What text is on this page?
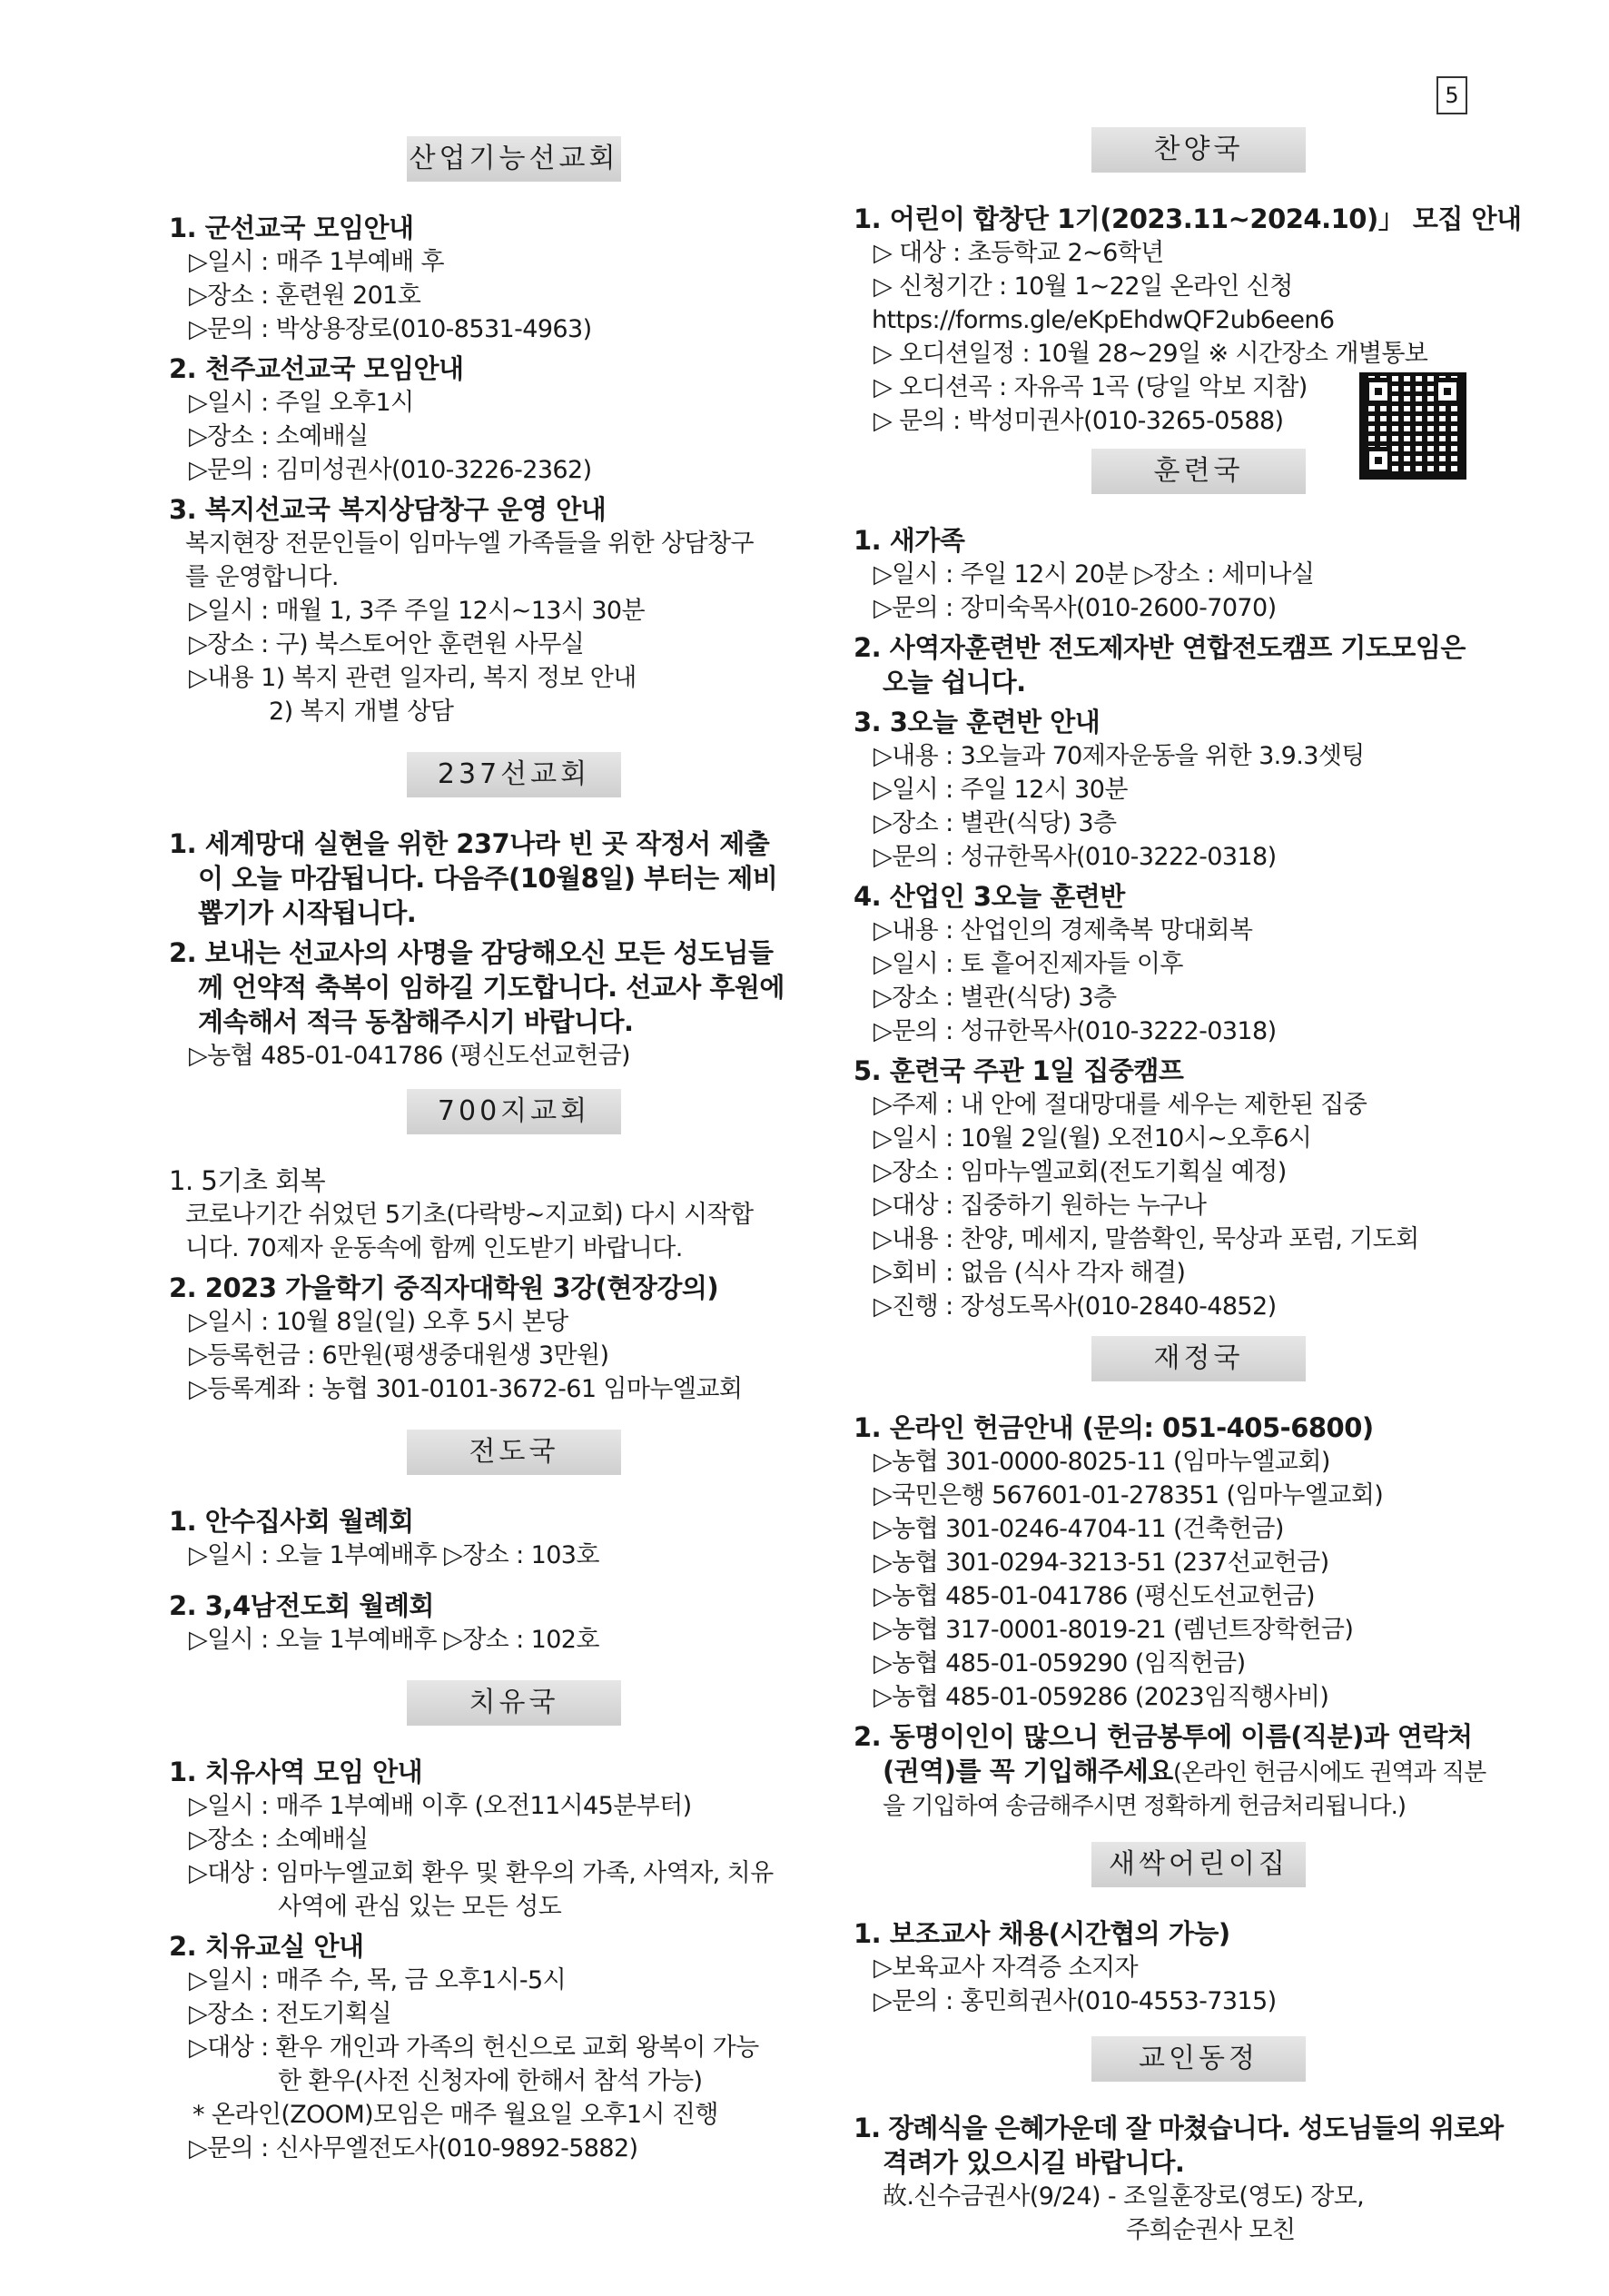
5
산업기능선교회
1. 군선교국 모임안내
▷일시 : 매주 1부예배 후
▷장소 : 훈련원 201호
▷문의 : 박상용장로(010-8531-4963)
2. 천주교선교국 모임안내
▷일시 : 주일 오후1시
▷장소 : 소예배실
▷문의 : 김미성권사(010-3226-2362)
3. 복지선교국 복지상담창구 운영 안내
복지현장 전문인들이 임마누엘 가족들을 위한 상담창구
를 운영합니다.
▷일시 : 매월 1, 3주 주일 12시~13시 30분
▷장소 : 구) 북스토어안 훈련원 사무실
▷내용 1) 복지 관련 일자리, 복지 정보 안내
2) 복지 개별 상담
237선교회
1. 세계망대 실현을 위한 237나라 빈 곳 작정서 제출
이 오늘 마감됩니다. 다음주(10월8일) 부터는 제비
뽑기가 시작됩니다.
2. 보내는 선교사의 사명을 감당해오신 모든 성도님들
께 언약적 축복이 임하길 기도합니다. 선교사 후원에
계속해서 적극 동참해주시기 바랍니다.
▷농협 485-01-041786 (평신도선교헌금)
700지교회
1. 5기초 회복
코로나기간 쉬었던 5기초(다락방~지교회) 다시 시작합
니다. 70제자 운동속에 함께 인도받기 바랍니다.
2. 2023 가을학기 중직자대학원 3강(현장강의)
▷일시 : 10월 8일(일) 오후 5시 본당
▷등록헌금 : 6만원(평생중대원생 3만원)
▷등록계좌 : 농협 301-0101-3672-61 임마누엘교회
전도국
1. 안수집사회 월례회
▷일시 : 오늘 1부예배후 ▷장소 : 103호
2. 3,4남전도회 월례회
▷일시 : 오늘 1부예배후 ▷장소 : 102호
치유국
1. 치유사역 모임 안내
▷일시 : 매주 1부예배 이후 (오전11시45분부터)
▷장소 : 소예배실
▷대상 : 임마누엘교회 환우 및 환우의 가족, 사역자, 치유
사역에 관심 있는 모든 성도
2. 치유교실 안내
▷일시 : 매주 수, 목, 금 오후1시-5시
▷장소 : 전도기획실
▷대상 : 환우 개인과 가족의 헌신으로 교회 왕복이 가능
한 환우(사전 신청자에 한해서 참석 가능)
* 온라인(ZOOM)모임은 매주 월요일 오후1시 진행
▷문의 : 신사무엘전도사(010-9892-5882)
찬양국
1. 어린이 합창단 1기(2023.11~2024.10)」 모집 안내
▷ 대상 : 초등학교 2~6학년
▷ 신청기간 : 10월 1~22일 온라인 신청
https://forms.gle/eKpEhdwQF2ub6een6
▷ 오디션일정 : 10월 28~29일 ※ 시간장소 개별통보
▷ 오디션곡 : 자유곡 1곡 (당일 악보 지참)
▷ 문의 : 박성미권사(010-3265-0588)
훈련국
1. 새가족
▷일시 : 주일 12시 20분 ▷장소 : 세미나실
▷문의 : 장미숙목사(010-2600-7070)
2. 사역자훈련반 전도제자반 연합전도캠프 기도모임은
오늘 쉽니다.
3. 3오늘 훈련반 안내
▷내용 : 3오늘과 70제자운동을 위한 3.9.3셋팅
▷일시 : 주일 12시 30분
▷장소 : 별관(식당) 3층
▷문의 : 성규한목사(010-3222-0318)
4. 산업인 3오늘 훈련반
▷내용 : 산업인의 경제축복 망대회복
▷일시 : 토 흩어진제자들 이후
▷장소 : 별관(식당) 3층
▷문의 : 성규한목사(010-3222-0318)
5. 훈련국 주관 1일 집중캠프
▷주제 : 내 안에 절대망대를 세우는 제한된 집중
▷일시 : 10월 2일(월) 오전10시~오후6시
▷장소 : 임마누엘교회(전도기획실 예정)
▷대상 : 집중하기 원하는 누구나
▷내용 : 찬양, 메세지, 말씀확인, 묵상과 포럼, 기도회
▷회비 : 없음 (식사 각자 해결)
▷진행 : 장성도목사(010-2840-4852)
재정국
1. 온라인 헌금안내 (문의: 051-405-6800)
▷농협 301-0000-8025-11 (임마누엘교회)
▷국민은행 567601-01-278351 (임마누엘교회)
▷농협 301-0246-4704-11 (건축헌금)
▷농협 301-0294-3213-51 (237선교헌금)
▷농협 485-01-041786 (평신도선교헌금)
▷농협 317-0001-8019-21 (렘넌트장학헌금)
▷농협 485-01-059290 (임직헌금)
▷농협 485-01-059286 (2023임직행사비)
2. 동명이인이 많으니 헌금봉투에 이름(직분)과 연락처
(권역)를 꼭 기입해주세요(온라인 헌금시에도 권역과 직분
을 기입하여 송금해주시면 정확하게 헌금처리됩니다.)
새싹어린이집
1. 보조교사 채용(시간협의 가능)
▷보육교사 자격증 소지자
▷문의 : 홍민희권사(010-4553-7315)
교인동정
1. 장례식을 은혜가운데 잘 마쳤습니다. 성도님들의 위로와
격려가 있으시길 바랍니다.
故.신수금권사(9/24) - 조일훈장로(영도) 장모,
주희순권사 모친
